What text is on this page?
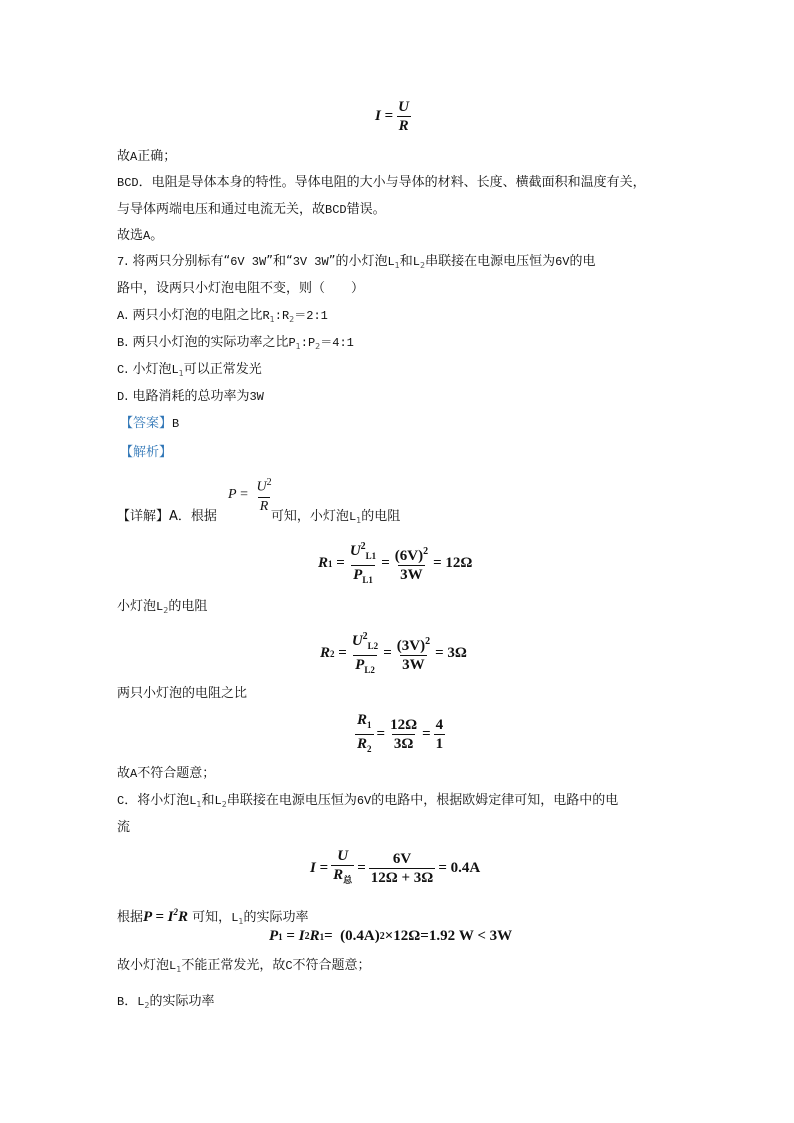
$I = \frac{U}{R}$
故A正确；
BCD．电阻是导体本身的特性。导体电阻的大小与导体的材料、长度、横截面积和温度有关，
与导体两端电压和通过电流无关，故BCD错误。
故选A。
7. 将两只分别标有“6V 3W”和“3V 3W”的小灯泡$L_1$和$L_2$串联接在电源电压恒为6V的电
路中，设两只小灯泡电阻不变，则（　　）
A. 两只小灯泡的电阻之比$R_1:R_2=2:1$
B. 两只小灯泡的实际功率之比$P_1:P_2=4:1$
C. 小灯泡$L_1$可以正常发光
D. 电路消耗的总功率为3W
【答案】B
【解析】
$P = \frac{U^2}{R}$
【详解】A．根据	可知，小灯泡$L_1$的电阻
R $1 = \frac{U^2_{L1}}{P_{L1}} = \frac{(6V)^2}{3W} = 12\Omega$
小灯泡$L_2$的电阻
R $2 = \frac{U^2_{L2}}{P_{L2}} = \frac{(3V)^2}{3W} = 3\Omega$
两只小灯泡的电阻之比
$\frac{R_1}{R_2} = \frac{12\Omega}{3\Omega} = \frac{4}{1}$
故A不符合题意；
C．将小灯泡$L_1$和$L_2$串联接在电源电压恒为6V的电路中，根据欧姆定律可知，电路中的电
流
$I = \frac{U}{R_总} = \frac{6V}{12\Omega + 3\Omega} = 0.4A$
根据$P = I^2R$ 可知，$L_1$的实际功率
P 1 = I 2 R 1 = (0.4A) 2 ×12Ω=1.92 W < 3W
故小灯泡$L_1$不能正常发光，故C不符合题意；
B．$L_2$的实际功率
